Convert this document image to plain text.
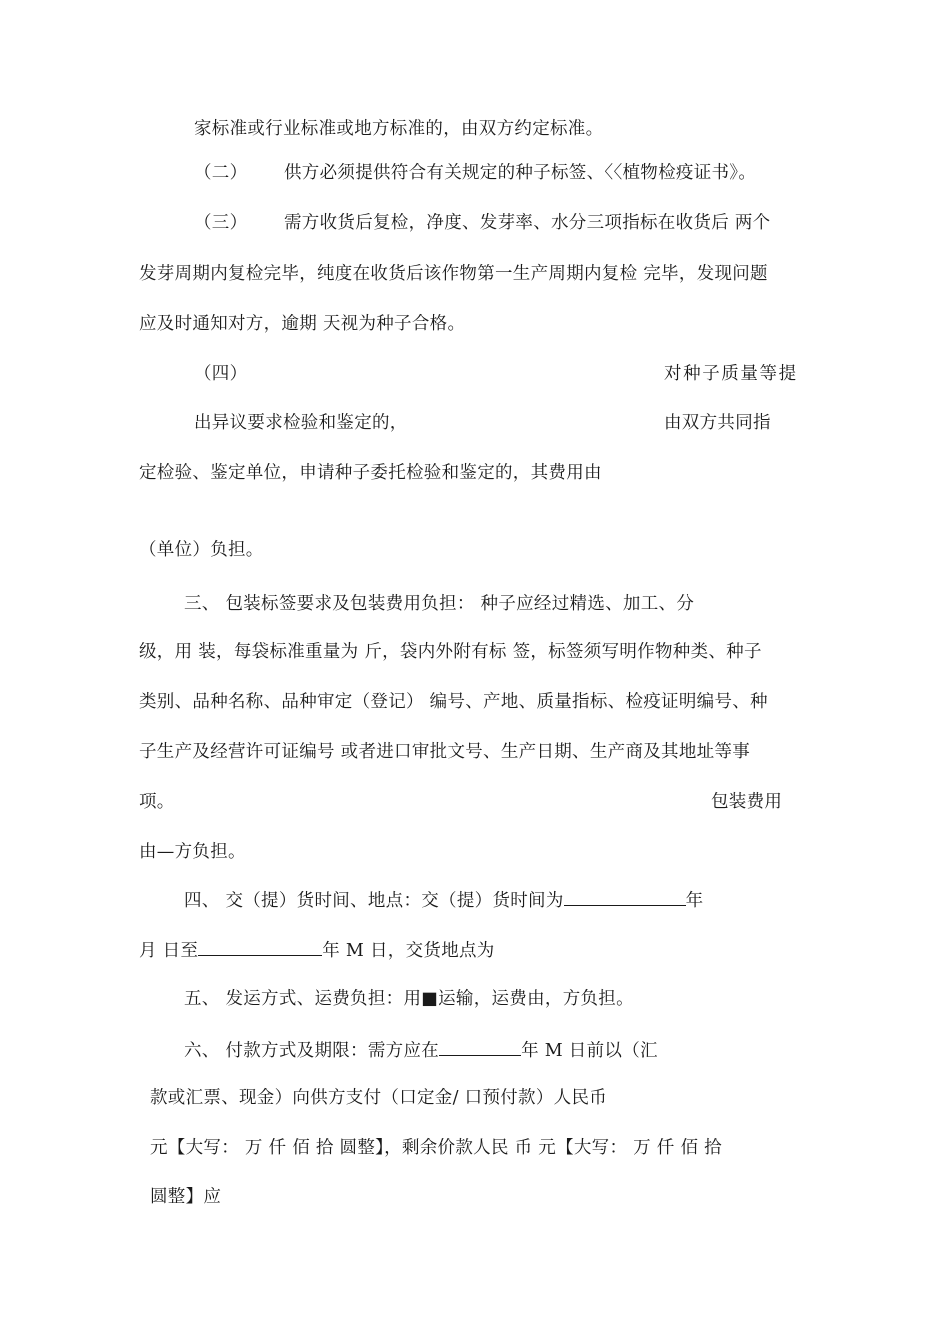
家标准或行业标准或地方标准的，由双方约定标准。
（二） 供方必须提供符合有关规定的种子标签、〈〈植物检疫证书》。
（三） 需方收货后复检，净度、发芽率、水分三项指标在收货后 两个
发芽周期内复检完毕，纯度在收货后该作物第一生产周期内复检 完毕，发现问题
应及时通知对方，逾期 天视为种子合格。
（四）	对种子质量等提
出异议要求检验和鉴定的，	由双方共同指
定检验、鉴定单位，申请种子委托检验和鉴定的，其费用由
（单位）负担。
三、 包装标签要求及包装费用负担： 种子应经过精选、加工、分
级，用 装，每袋标准重量为 斤，袋内外附有标 签，标签须写明作物种类、种子
类别、品种名称、品种审定（登记） 编号、产地、质量指标、检疫证明编号、种
子生产及经营许可证编号 或者进口审批文号、生产日期、生产商及其地址等事
项。	包装费用
由—方负担。
四、 交（提）货时间、地点：交（提）货时间为	年
月 日至	年 M 日，交货地点为
五、 发运方式、运费负担：用■运输，运费由，方负担。
六、 付款方式及期限：需方应在	年 M 日前以（汇
款或汇票、现金）向供方支付（口定金/ 口预付款）人民币
元【大写： 万 仟 佰 拾 圆整】，剩余价款人民 币 元【大写： 万 仟 佰 拾
圆整】应
